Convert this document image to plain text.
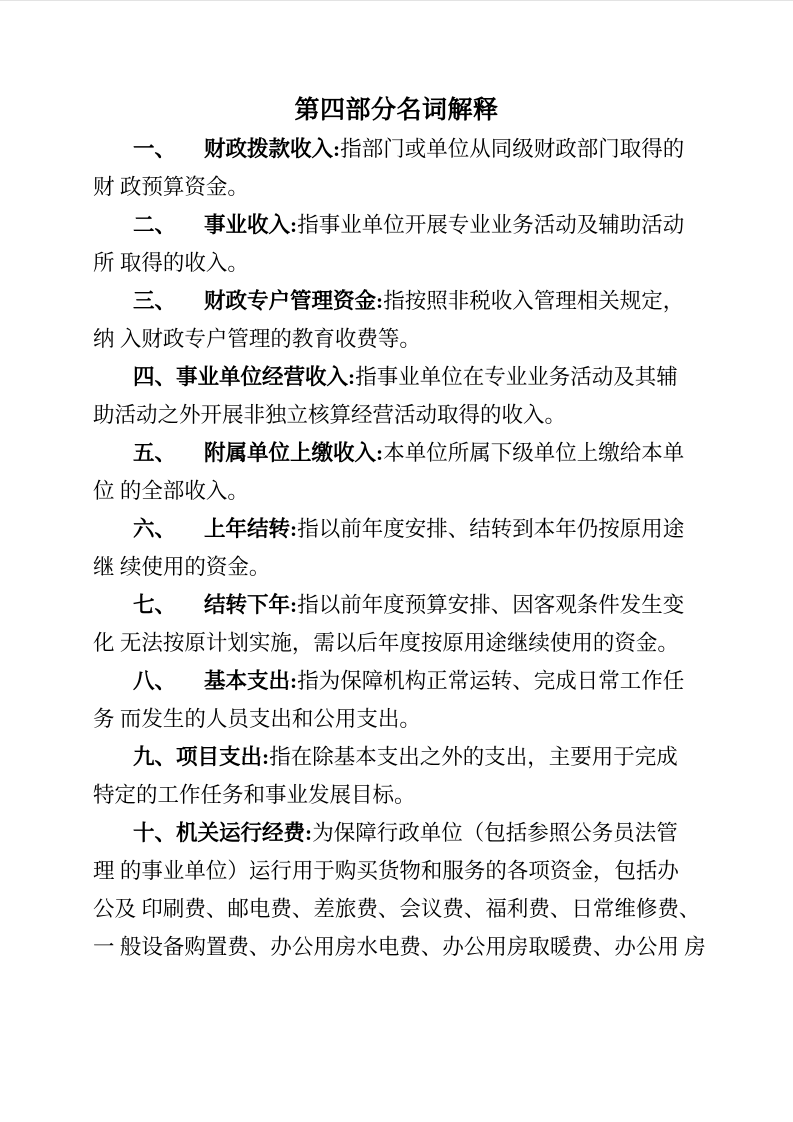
第四部分名词解释

一、 财政拨款收入:指部门或单位从同级财政部门取得的
财 政预算资金。

二、 事业收入:指事业单位开展专业业务活动及辅助活动
所 取得的收入。

三、 财政专户管理资金:指按照非税收入管理相关规定，
纳 入财政专户管理的教育收费等。

四、事业单位经营收入:指事业单位在专业业务活动及其辅
助活动之外开展非独立核算经营活动取得的收入。

五、 附属单位上缴收入:本单位所属下级单位上缴给本单
位 的全部收入。

六、 上年结转:指以前年度安排、结转到本年仍按原用途
继 续使用的资金。

七、 结转下年:指以前年度预算安排、因客观条件发生变
化 无法按原计划实施，需以后年度按原用途继续使用的资金。

八、 基本支出:指为保障机构正常运转、完成日常工作任
务 而发生的人员支出和公用支出。

九、项目支出:指在除基本支出之外的支出，主要用于完成
特定的工作任务和事业发展目标。

十、机关运行经费:为保障行政单位（包括参照公务员法管
理 的事业单位）运行用于购买货物和服务的各项资金，包括办
公及 印刷费、邮电费、差旅费、会议费、福利费、日常维修费、
一 般设备购置费、办公用房水电费、办公用房取暖费、办公用 房
